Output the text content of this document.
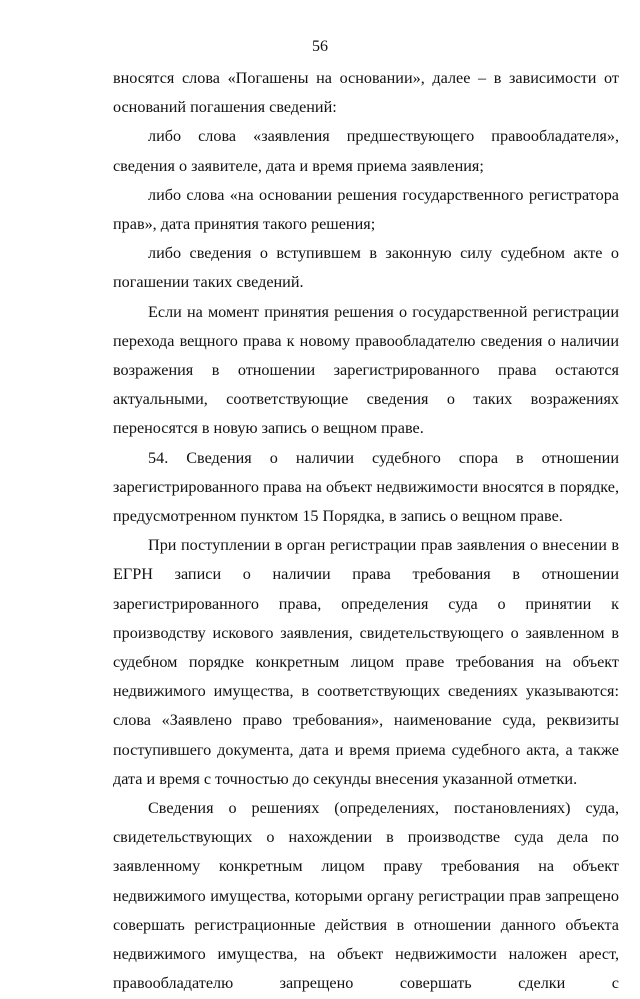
56

вносятся слова «Погашены на основании», далее – в зависимости от оснований погашения сведений:

либо слова «заявления предшествующего правообладателя», сведения о заявителе, дата и время приема заявления;

либо слова «на основании решения государственного регистратора прав», дата принятия такого решения;

либо сведения о вступившем в законную силу судебном акте о погашении таких сведений.

Если на момент принятия решения о государственной регистрации перехода вещного права к новому правообладателю сведения о наличии возражения в отношении зарегистрированного права остаются актуальными, соответствующие сведения о таких возражениях переносятся в новую запись о вещном праве.

54. Сведения о наличии судебного спора в отношении зарегистрированного права на объект недвижимости вносятся в порядке, предусмотренном пунктом 15 Порядка, в запись о вещном праве.

При поступлении в орган регистрации прав заявления о внесении в ЕГРН записи о наличии права требования в отношении зарегистрированного права, определения суда о принятии к производству искового заявления, свидетельствующего о заявленном в судебном порядке конкретным лицом праве требования на объект недвижимого имущества, в соответствующих сведениях указываются: слова «Заявлено право требования», наименование суда, реквизиты поступившего документа, дата и время приема судебного акта, а также дата и время с точностью до секунды внесения указанной отметки.

Сведения о решениях (определениях, постановлениях) суда, свидетельствующих о нахождении в производстве суда дела по заявленному конкретным лицом праву требования на объект недвижимого имущества, которыми органу регистрации прав запрещено совершать регистрационные действия в отношении данного объекта недвижимого имущества, на объект недвижимости наложен арест, правообладателю запрещено совершать сделки с
